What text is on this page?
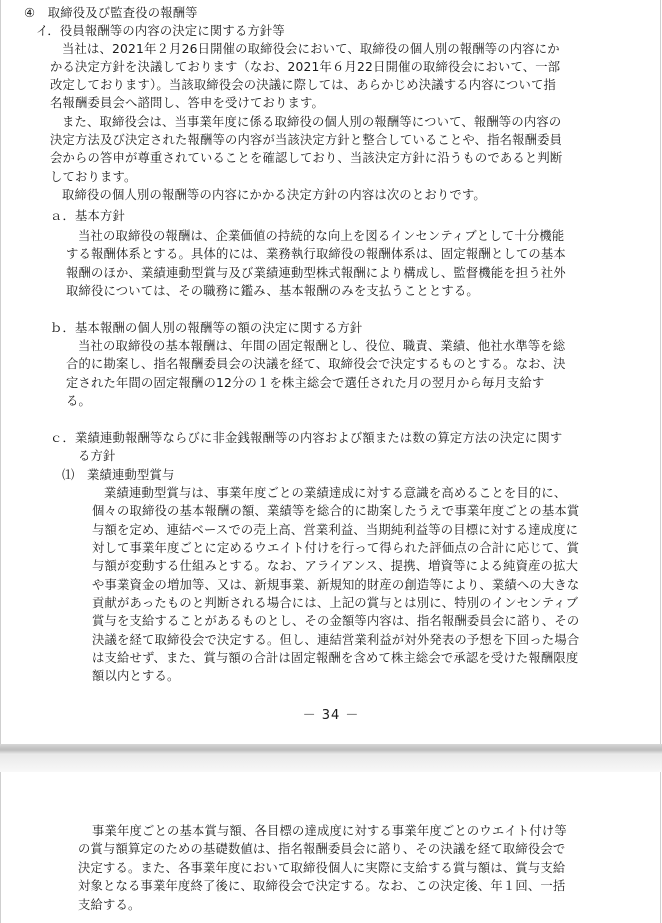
④　取締役及び監査役の報酬等
イ．役員報酬等の内容の決定に関する方針等
当社は、2021年２月26日開催の取締役会において、取締役の個人別の報酬等の内容にか
かる決定方針を決議しております（なお、2021年６月22日開催の取締役会において、一部
改定しております）。当該取締役会の決議に際しては、あらかじめ決議する内容について指
名報酬委員会へ諮問し、答申を受けております。
また、取締役会は、当事業年度に係る取締役の個人別の報酬等について、報酬等の内容の
決定方法及び決定された報酬等の内容が当該決定方針と整合していることや、指名報酬委員
会からの答申が尊重されていることを確認しており、当該決定方針に沿うものであると判断
しております。
取締役の個人別の報酬等の内容にかかる決定方針の内容は次のとおりです。
ａ．基本方針
当社の取締役の報酬は、企業価値の持続的な向上を図るインセンティブとして十分機能
する報酬体系とする。具体的には、業務執行取締役の報酬体系は、固定報酬としての基本
報酬のほか、業績連動型賞与及び業績連動型株式報酬により構成し、監督機能を担う社外
取締役については、その職務に鑑み、基本報酬のみを支払うこととする。
ｂ．基本報酬の個人別の報酬等の額の決定に関する方針
当社の取締役の基本報酬は、年間の固定報酬とし、役位、職責、業績、他社水準等を総
合的に勘案し、指名報酬委員会の決議を経て、取締役会で決定するものとする。なお、決
定された年間の固定報酬の12分の１を株主総会で選任された月の翌月から毎月支給す
る。
ｃ．業績連動報酬等ならびに非金銭報酬等の内容および額または数の算定方法の決定に関す
る方針
⑴　業績連動型賞与
業績連動型賞与は、事業年度ごとの業績達成に対する意識を高めることを目的に、
個々の取締役の基本報酬の額、業績等を総合的に勘案したうえで事業年度ごとの基本賞
与額を定め、連結ベースでの売上高、営業利益、当期純利益等の目標に対する達成度に
対して事業年度ごとに定めるウエイト付けを行って得られた評価点の合計に応じて、賞
与額が変動する仕組みとする。なお、アライアンス、提携、増資等による純資産の拡大
や事業資金の増加等、又は、新規事業、新規知的財産の創造等により、業績への大きな
貢献があったものと判断される場合には、上記の賞与とは別に、特別のインセンティブ
賞与を支給することがあるものとし、その金額等内容は、指名報酬委員会に諮り、その
決議を経て取締役会で決定する。但し、連結営業利益が対外発表の予想を下回った場合
は支給せず、また、賞与額の合計は固定報酬を含めて株主総会で承認を受けた報酬限度
額以内とする。
－ 34 －
事業年度ごとの基本賞与額、各目標の達成度に対する事業年度ごとのウエイト付け等
の賞与額算定のための基礎数値は、指名報酬委員会に諮り、その決議を経て取締役会で
決定する。また、各事業年度において取締役個人に実際に支給する賞与額は、賞与支給
対象となる事業年度終了後に、取締役会で決定する。なお、この決定後、年１回、一括
支給する。
